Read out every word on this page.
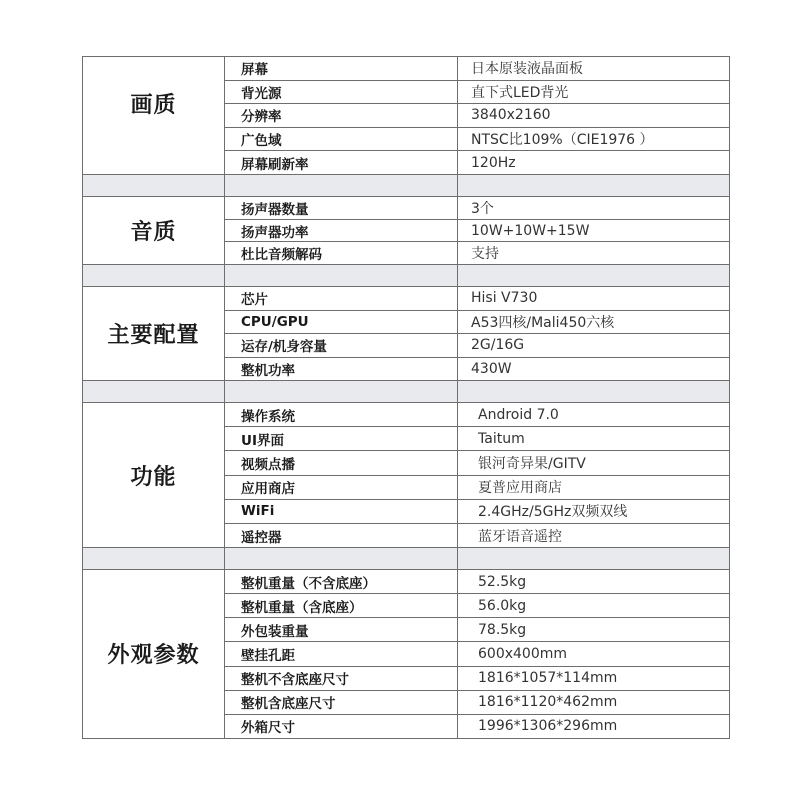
画质
屏幕	日本原装液晶面板
背光源	直下式LED背光
分辨率	3840x2160
广色域	NTSC比109%（CIE1976 ）
屏幕刷新率	120Hz
音质
扬声器数量	3个
扬声器功率	10W+10W+15W
杜比音频解码	支持
主要配置
芯片	Hisi V730
CPU/GPU	A53四核/Mali450六核
运存/机身容量	2G/16G
整机功率	430W
功能
操作系统	Android 7.0
UI界面	Taitum
视频点播	银河奇异果/GITV
应用商店	夏普应用商店
WiFi	2.4GHz/5GHz双频双线
遥控器	蓝牙语音遥控
外观参数
整机重量（不含底座）	52.5kg
整机重量（含底座）	56.0kg
外包装重量	78.5kg
壁挂孔距	600x400mm
整机不含底座尺寸	1816*1057*114mm
整机含底座尺寸	1816*1120*462mm
外箱尺寸	1996*1306*296mm
